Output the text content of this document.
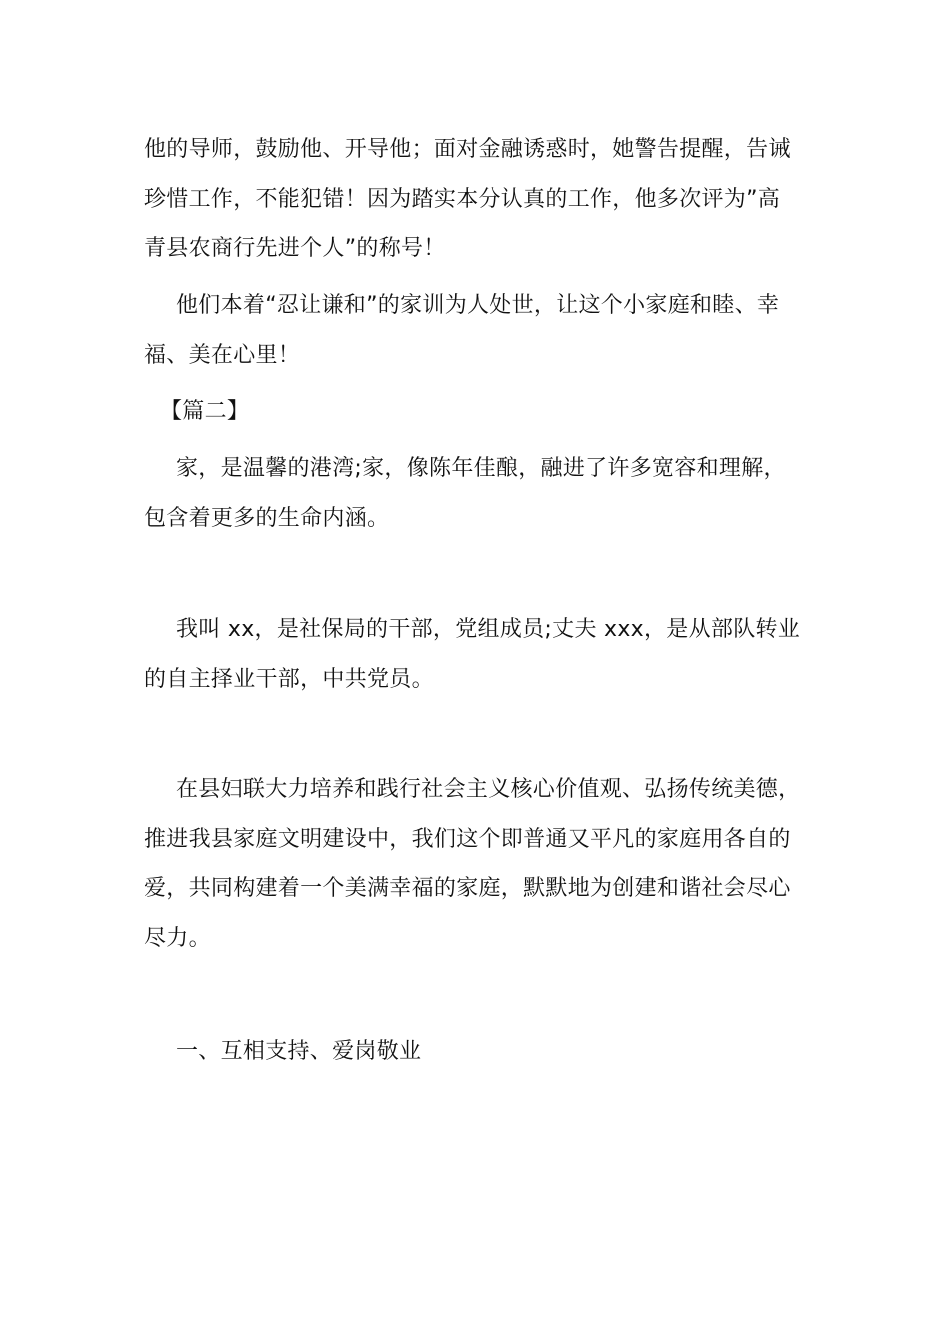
他的导师，鼓励他、开导他；面对金融诱惑时，她警告提醒，告诫
珍惜工作，不能犯错！因为踏实本分认真的工作，他多次评为”高
青县农商行先进个人”的称号！
他们本着“忍让谦和”的家训为人处世，让这个小家庭和睦、幸
福、美在心里！
【篇二】
家，是温馨的港湾;家，像陈年佳酿，融进了许多宽容和理解，
包含着更多的生命内涵。
我叫 xx，是社保局的干部，党组成员;丈夫 xxx，是从部队转业
的自主择业干部，中共党员。
在县妇联大力培养和践行社会主义核心价值观、弘扬传统美德，
推进我县家庭文明建设中，我们这个即普通又平凡的家庭用各自的
爱，共同构建着一个美满幸福的家庭，默默地为创建和谐社会尽心
尽力。
一、互相支持、爱岗敬业
